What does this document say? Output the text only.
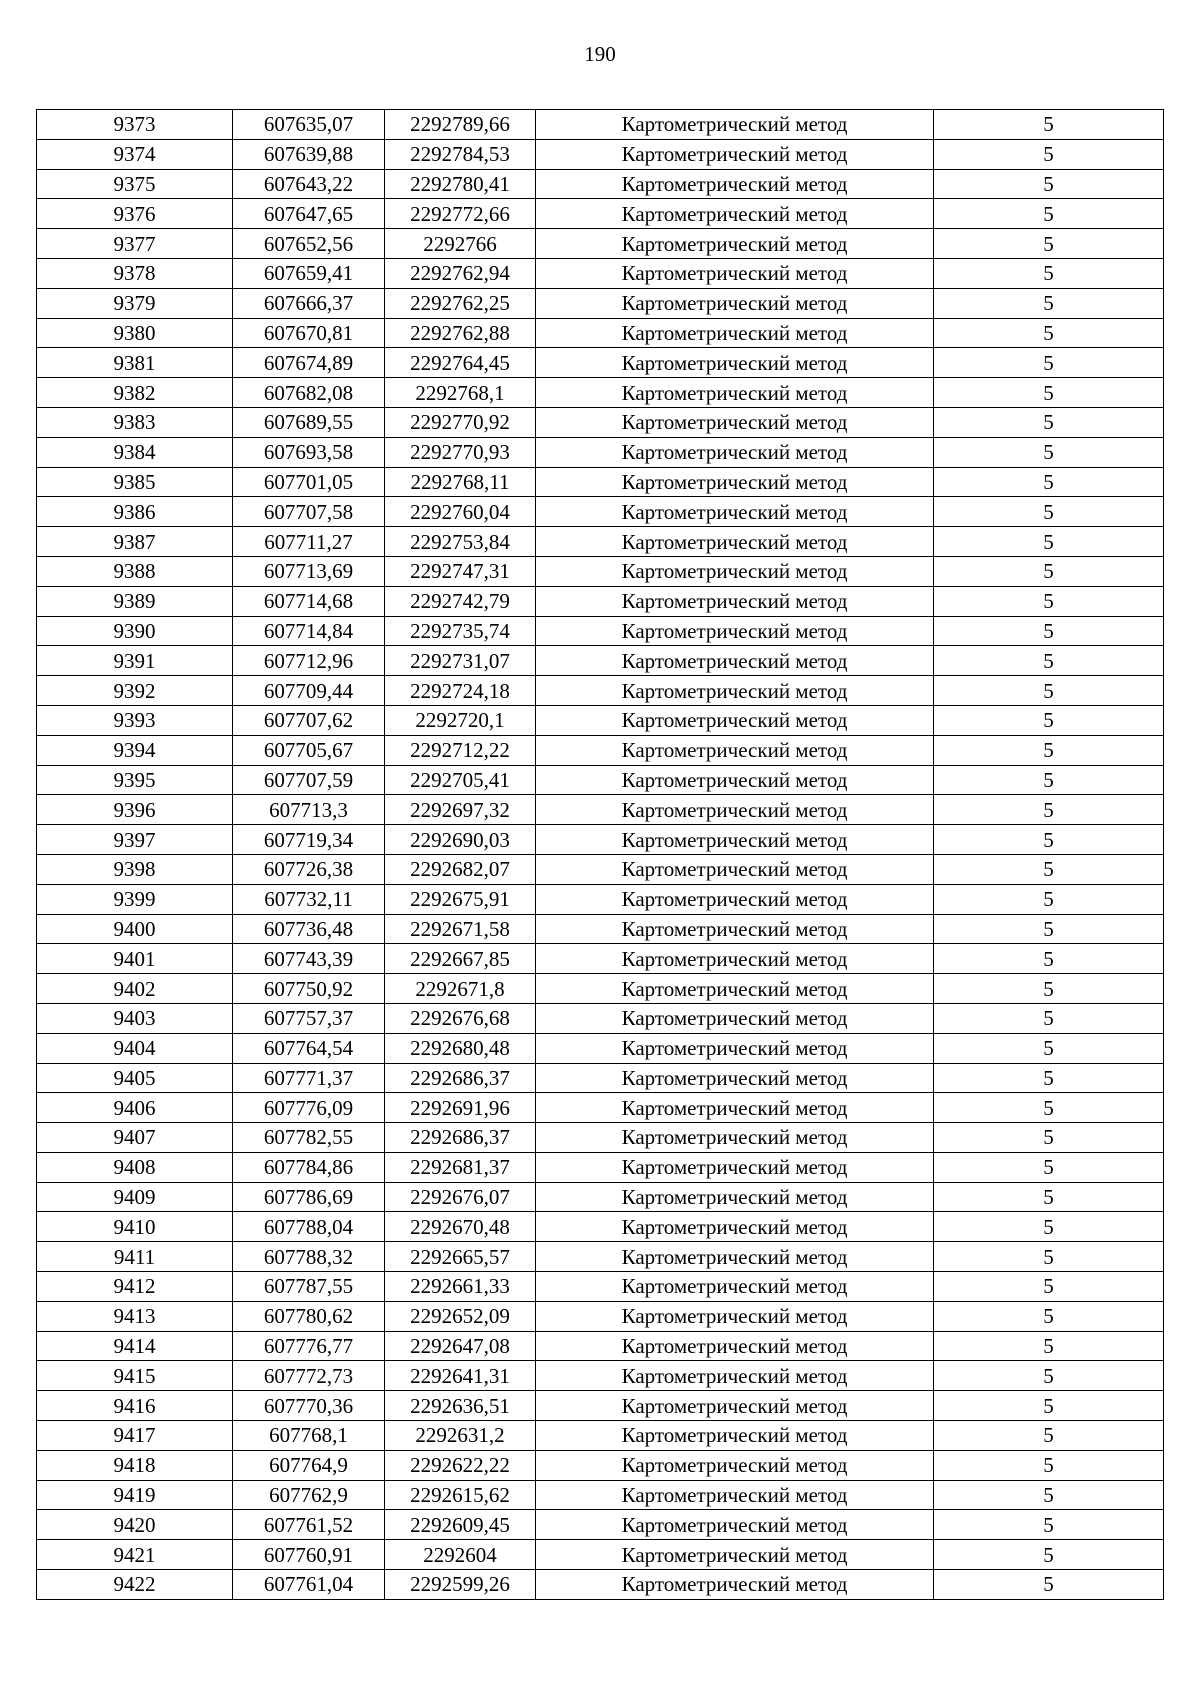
190
9373	607635,07	2292789,66	Картометрический метод	5
9374	607639,88	2292784,53	Картометрический метод	5
9375	607643,22	2292780,41	Картометрический метод	5
9376	607647,65	2292772,66	Картометрический метод	5
9377	607652,56	2292766	Картометрический метод	5
9378	607659,41	2292762,94	Картометрический метод	5
9379	607666,37	2292762,25	Картометрический метод	5
9380	607670,81	2292762,88	Картометрический метод	5
9381	607674,89	2292764,45	Картометрический метод	5
9382	607682,08	2292768,1	Картометрический метод	5
9383	607689,55	2292770,92	Картометрический метод	5
9384	607693,58	2292770,93	Картометрический метод	5
9385	607701,05	2292768,11	Картометрический метод	5
9386	607707,58	2292760,04	Картометрический метод	5
9387	607711,27	2292753,84	Картометрический метод	5
9388	607713,69	2292747,31	Картометрический метод	5
9389	607714,68	2292742,79	Картометрический метод	5
9390	607714,84	2292735,74	Картометрический метод	5
9391	607712,96	2292731,07	Картометрический метод	5
9392	607709,44	2292724,18	Картометрический метод	5
9393	607707,62	2292720,1	Картометрический метод	5
9394	607705,67	2292712,22	Картометрический метод	5
9395	607707,59	2292705,41	Картометрический метод	5
9396	607713,3	2292697,32	Картометрический метод	5
9397	607719,34	2292690,03	Картометрический метод	5
9398	607726,38	2292682,07	Картометрический метод	5
9399	607732,11	2292675,91	Картометрический метод	5
9400	607736,48	2292671,58	Картометрический метод	5
9401	607743,39	2292667,85	Картометрический метод	5
9402	607750,92	2292671,8	Картометрический метод	5
9403	607757,37	2292676,68	Картометрический метод	5
9404	607764,54	2292680,48	Картометрический метод	5
9405	607771,37	2292686,37	Картометрический метод	5
9406	607776,09	2292691,96	Картометрический метод	5
9407	607782,55	2292686,37	Картометрический метод	5
9408	607784,86	2292681,37	Картометрический метод	5
9409	607786,69	2292676,07	Картометрический метод	5
9410	607788,04	2292670,48	Картометрический метод	5
9411	607788,32	2292665,57	Картометрический метод	5
9412	607787,55	2292661,33	Картометрический метод	5
9413	607780,62	2292652,09	Картометрический метод	5
9414	607776,77	2292647,08	Картометрический метод	5
9415	607772,73	2292641,31	Картометрический метод	5
9416	607770,36	2292636,51	Картометрический метод	5
9417	607768,1	2292631,2	Картометрический метод	5
9418	607764,9	2292622,22	Картометрический метод	5
9419	607762,9	2292615,62	Картометрический метод	5
9420	607761,52	2292609,45	Картометрический метод	5
9421	607760,91	2292604	Картометрический метод	5
9422	607761,04	2292599,26	Картометрический метод	5
